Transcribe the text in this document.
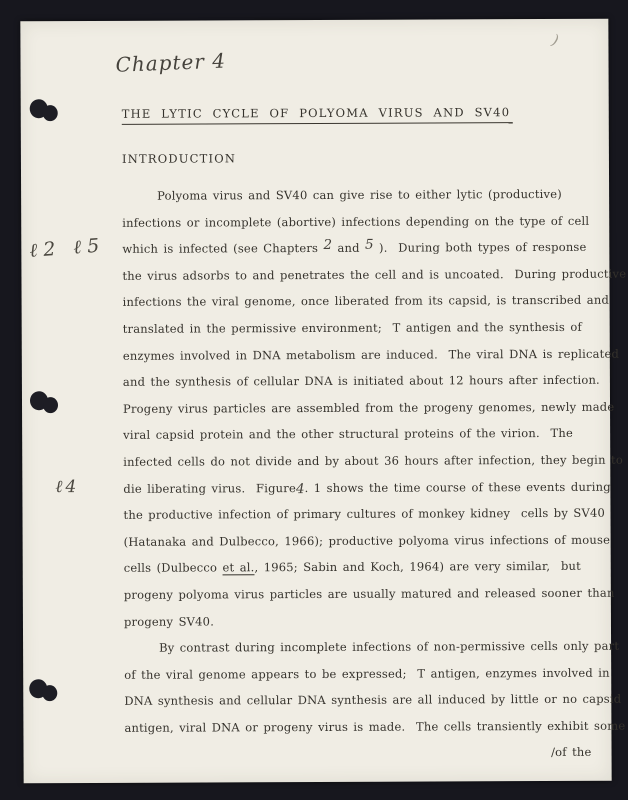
Chapter 4
ℓ2 ℓ5
ℓ4
)
THE LYTIC CYCLE OF POLYOMA VIRUS AND SV40
INTRODUCTION
Polyoma virus and SV40 can give rise to either lytic (productive)
infections or incomplete (abortive) infections depending on the type of cell
which is infected (see Chapters 2 and 5 ).  During both types of response
the virus adsorbs to and penetrates the cell and is uncoated.  During productive
infections the viral genome, once liberated from its capsid, is transcribed and
translated in the permissive environment;  T antigen and the synthesis of
enzymes involved in DNA metabolism are induced.  The viral DNA is replicated
and the synthesis of cellular DNA is initiated about 12 hours after infection.
Progeny virus particles are assembled from the progeny genomes, newly made
viral capsid protein and the other structural proteins of the virion.  The
infected cells do not divide and by about 36 hours after infection, they begin to
die liberating virus.  Figure4. 1 shows the time course of these events during
the productive infection of primary cultures of monkey kidney  cells by SV40
(Hatanaka and Dulbecco, 1966); productive polyoma virus infections of mouse
cells (Dulbecco et al., 1965; Sabin and Koch, 1964) are very similar,  but
progeny polyoma virus particles are usually matured and released sooner than
progeny SV40.
By contrast during incomplete infections of non-permissive cells only part
of the viral genome appears to be expressed;  T antigen, enzymes involved in
DNA synthesis and cellular DNA synthesis are all induced by little or no capsid
antigen, viral DNA or progeny virus is made.  The cells transiently exhibit some
/of the
